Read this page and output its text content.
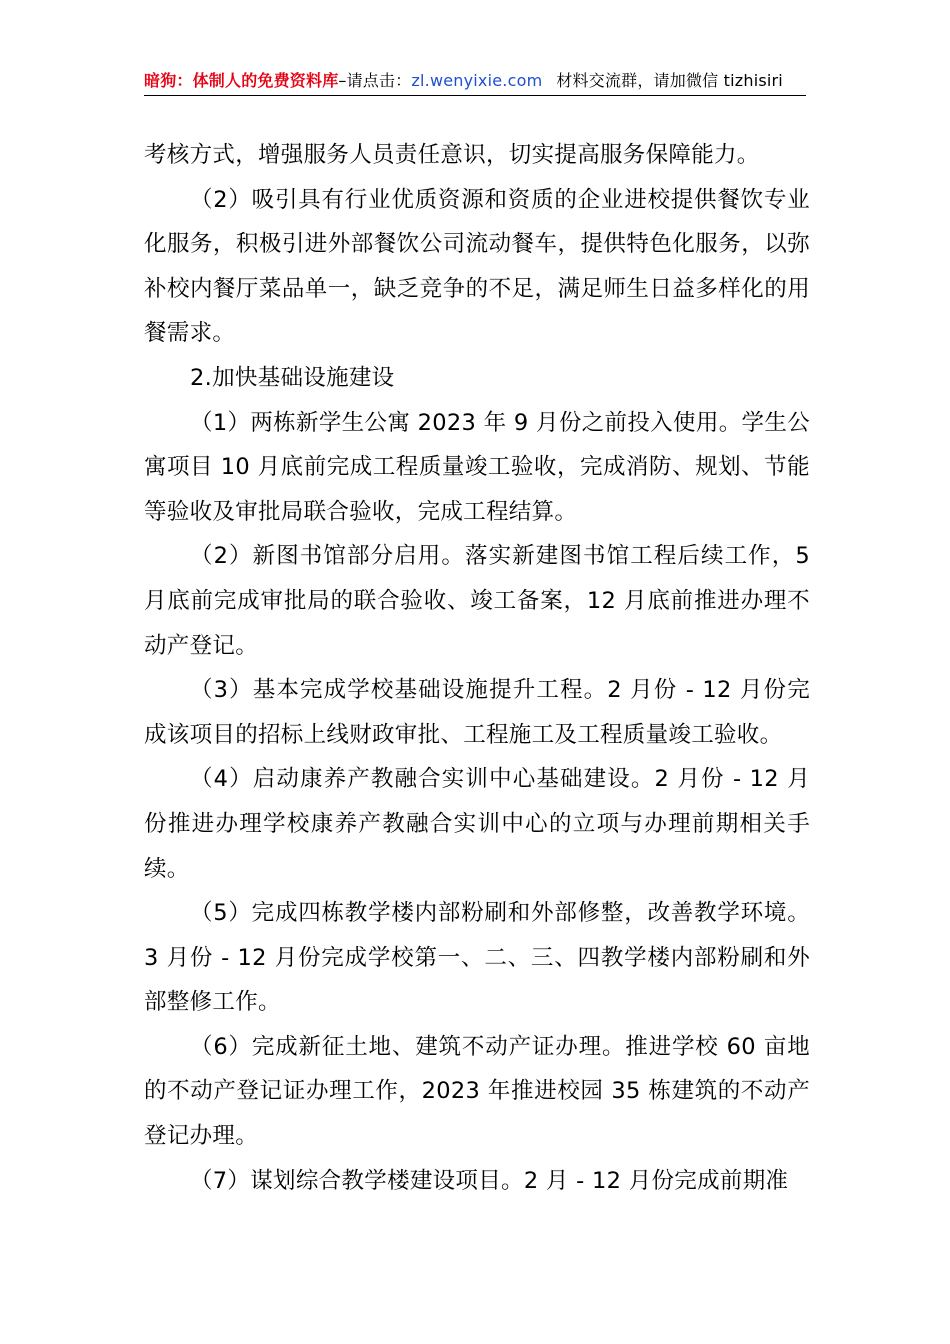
暗狗：体制人的免费资料库–请点击：zl.wenyixie.com 材料交流群，请加微信 tizhisiri

考核方式，增强服务人员责任意识，切实提高服务保障能力。

（2）吸引具有行业优质资源和资质的企业进校提供餐饮专业化服务，积极引进外部餐饮公司流动餐车，提供特色化服务，以弥补校内餐厅菜品单一，缺乏竞争的不足，满足师生日益多样化的用餐需求。

2.加快基础设施建设

（1）两栋新学生公寓 2023 年 9 月份之前投入使用。学生公寓项目 10 月底前完成工程质量竣工验收，完成消防、规划、节能等验收及审批局联合验收，完成工程结算。

（2）新图书馆部分启用。落实新建图书馆工程后续工作，5 月底前完成审批局的联合验收、竣工备案，12 月底前推进办理不动产登记。

（3）基本完成学校基础设施提升工程。2 月份 - 12 月份完成该项目的招标上线财政审批、工程施工及工程质量竣工验收。

（4）启动康养产教融合实训中心基础建设。2 月份 - 12 月份推进办理学校康养产教融合实训中心的立项与办理前期相关手续。

（5）完成四栋教学楼内部粉刷和外部修整，改善教学环境。3 月份 - 12 月份完成学校第一、二、三、四教学楼内部粉刷和外部整修工作。

（6）完成新征土地、建筑不动产证办理。推进学校 60 亩地的不动产登记证办理工作，2023 年推进校园 35 栋建筑的不动产登记办理。

（7）谋划综合教学楼建设项目。2 月 - 12 月份完成前期准
